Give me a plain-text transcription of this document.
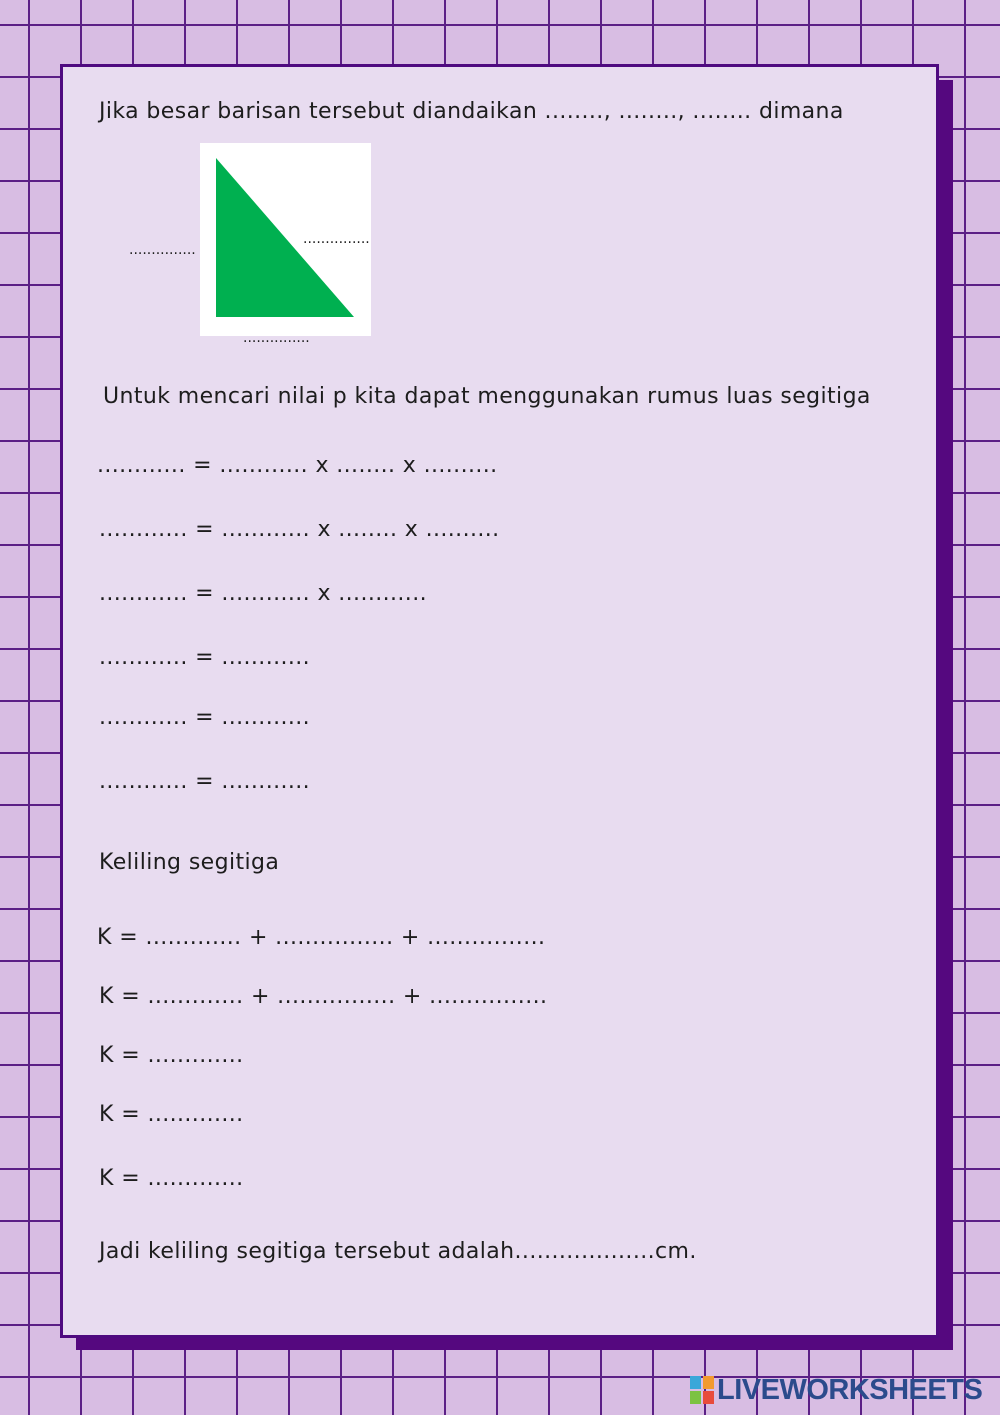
Jika besar barisan tersebut diandaikan ........, ........, ........ dimana

...............

...............

...............

Untuk mencari nilai p kita dapat menggunakan rumus luas segitiga

............ = ............ x ........ x ..........

............ = ............ x ........ x ..........

............ = ............ x ............

............ = ............

............ = ............

............ = ............

Keliling segitiga

K = ............. + ................ + ................

K = ............. + ................ + ................

K = .............

K = .............

K = .............

Jadi keliling segitiga tersebut adalah...................cm.

LIVEWORKSHEETS
